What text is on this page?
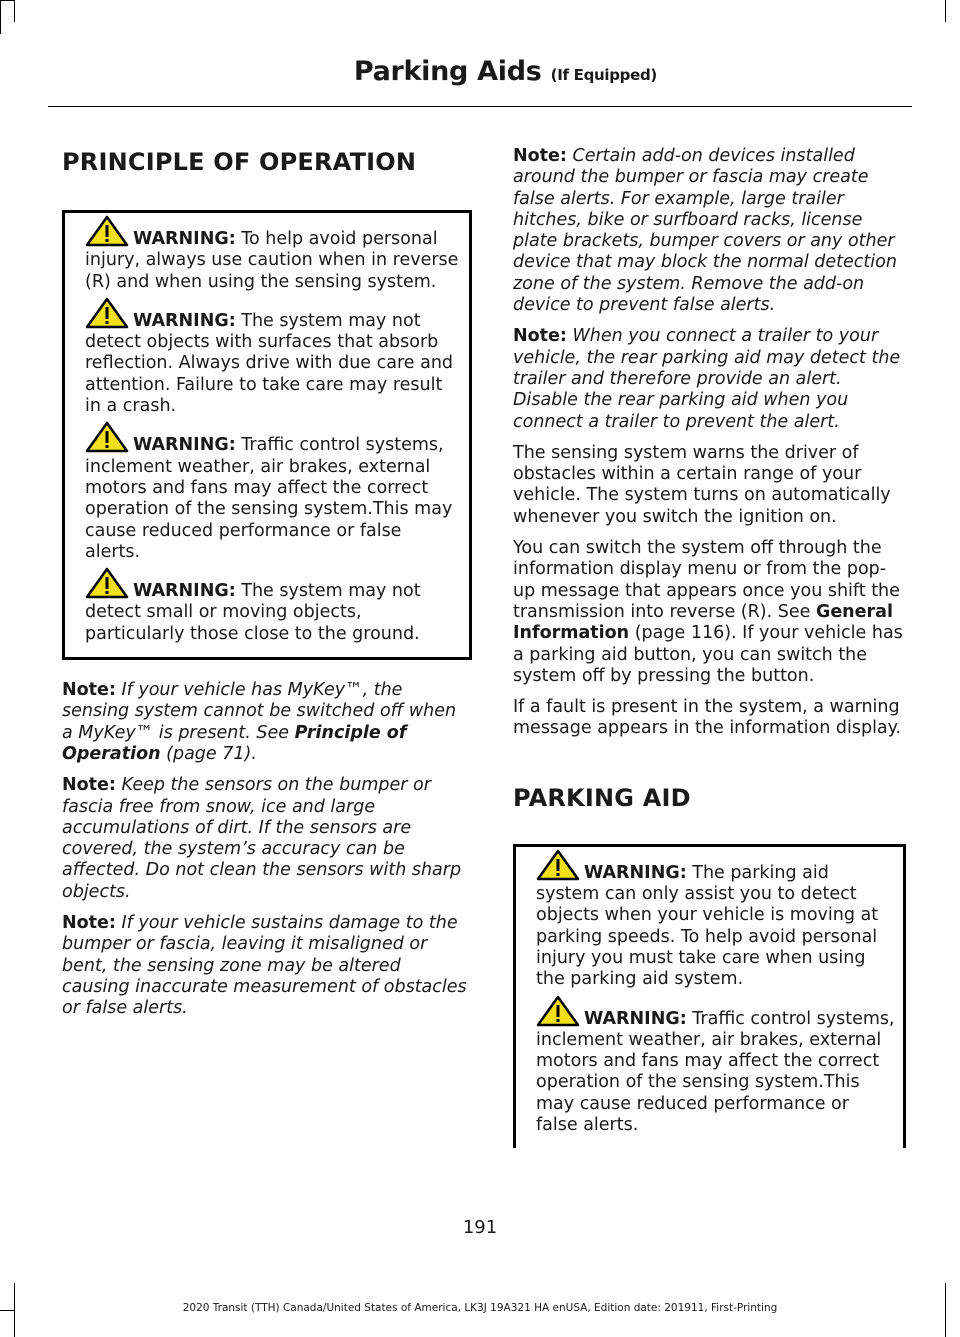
Parking Aids (If Equipped)
PRINCIPLE OF OPERATION
WARNING: To help avoid personal injury, always use caution when in reverse (R) and when using the sensing system.
WARNING: The system may not detect objects with surfaces that absorb reflection. Always drive with due care and attention. Failure to take care may result in a crash.
WARNING: Traffic control systems, inclement weather, air brakes, external motors and fans may affect the correct operation of the sensing system.This may cause reduced performance or false alerts.
WARNING: The system may not detect small or moving objects, particularly those close to the ground.

Note: If your vehicle has MyKey™, the sensing system cannot be switched off when a MyKey™ is present. See Principle of Operation (page 71).

Note: Keep the sensors on the bumper or fascia free from snow, ice and large accumulations of dirt. If the sensors are covered, the system’s accuracy can be affected. Do not clean the sensors with sharp objects.

Note: If your vehicle sustains damage to the bumper or fascia, leaving it misaligned or bent, the sensing zone may be altered causing inaccurate measurement of obstacles or false alerts.

Note: Certain add-on devices installed around the bumper or fascia may create false alerts. For example, large trailer hitches, bike or surfboard racks, license plate brackets, bumper covers or any other device that may block the normal detection zone of the system. Remove the add-on device to prevent false alerts.

Note: When you connect a trailer to your vehicle, the rear parking aid may detect the trailer and therefore provide an alert. Disable the rear parking aid when you connect a trailer to prevent the alert.

The sensing system warns the driver of obstacles within a certain range of your vehicle. The system turns on automatically whenever you switch the ignition on.

You can switch the system off through the information display menu or from the pop-up message that appears once you shift the transmission into reverse (R). See General Information (page 116). If your vehicle has a parking aid button, you can switch the system off by pressing the button.

If a fault is present in the system, a warning message appears in the information display.

PARKING AID
WARNING: The parking aid system can only assist you to detect objects when your vehicle is moving at parking speeds. To help avoid personal injury you must take care when using the parking aid system.
WARNING: Traffic control systems, inclement weather, air brakes, external motors and fans may affect the correct operation of the sensing system.This may cause reduced performance or false alerts.
191
2020 Transit (TTH) Canada/United States of America, LK3J 19A321 HA enUSA, Edition date: 201911, First-Printing
